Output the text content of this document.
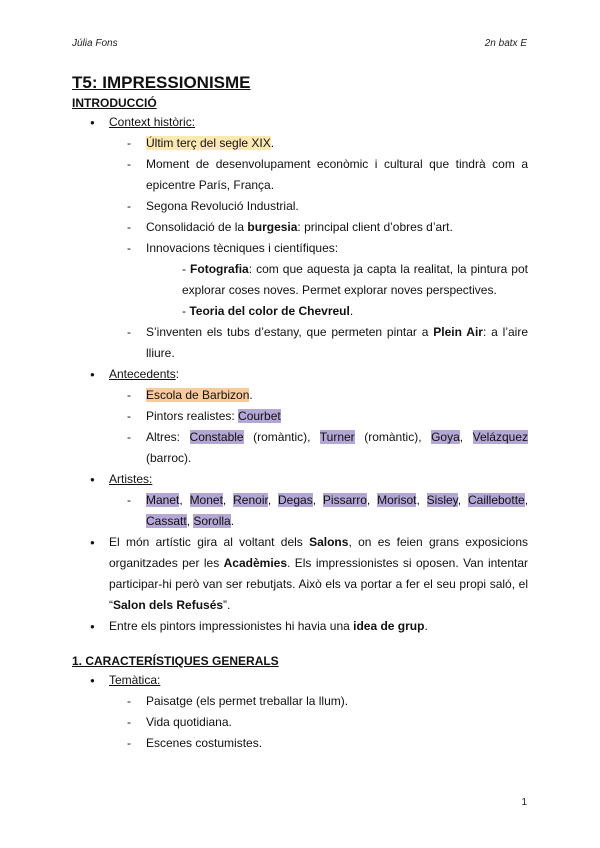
Júlia Fons	2n batx E
T5: IMPRESSIONISME
INTRODUCCIÓ
● Context històric:
- Últim terç del segle XIX.
- Moment de desenvolupament econòmic i cultural que tindrà com a epicentre París, França.
- Segona Revolució Industrial.
- Consolidació de la burgesia: principal client d’obres d’art.
- Innovacions tècniques i científiques:
- Fotografia: com que aquesta ja capta la realitat, la pintura pot explorar coses noves. Permet explorar noves perspectives.
- Teoria del color de Chevreul.
- S’inventen els tubs d’estany, que permeten pintar a Plein Air: a l’aire lliure.
● Antecedents:
- Escola de Barbizon.
- Pintors realistes: Courbet
- Altres: Constable (romàntic), Turner (romàntic), Goya, Velázquez (barroc).
● Artistes:
- Manet, Monet, Renoir, Degas, Pissarro, Morisot, Sisley, Caillebotte, Cassatt, Sorolla.
● El món artístic gira al voltant dels Salons, on es feien grans exposicions organitzades per les Acadèmies. Els impressionistes si oposen. Van intentar participar-hi però van ser rebutjats. Això els va portar a fer el seu propi saló, el “Salon dels Refusés”.
● Entre els pintors impressionistes hi havia una idea de grup.
1. CARACTERÍSTIQUES GENERALS
● Temàtica:
- Paisatge (els permet treballar la llum).
- Vida quotidiana.
- Escenes costumistes.
1
